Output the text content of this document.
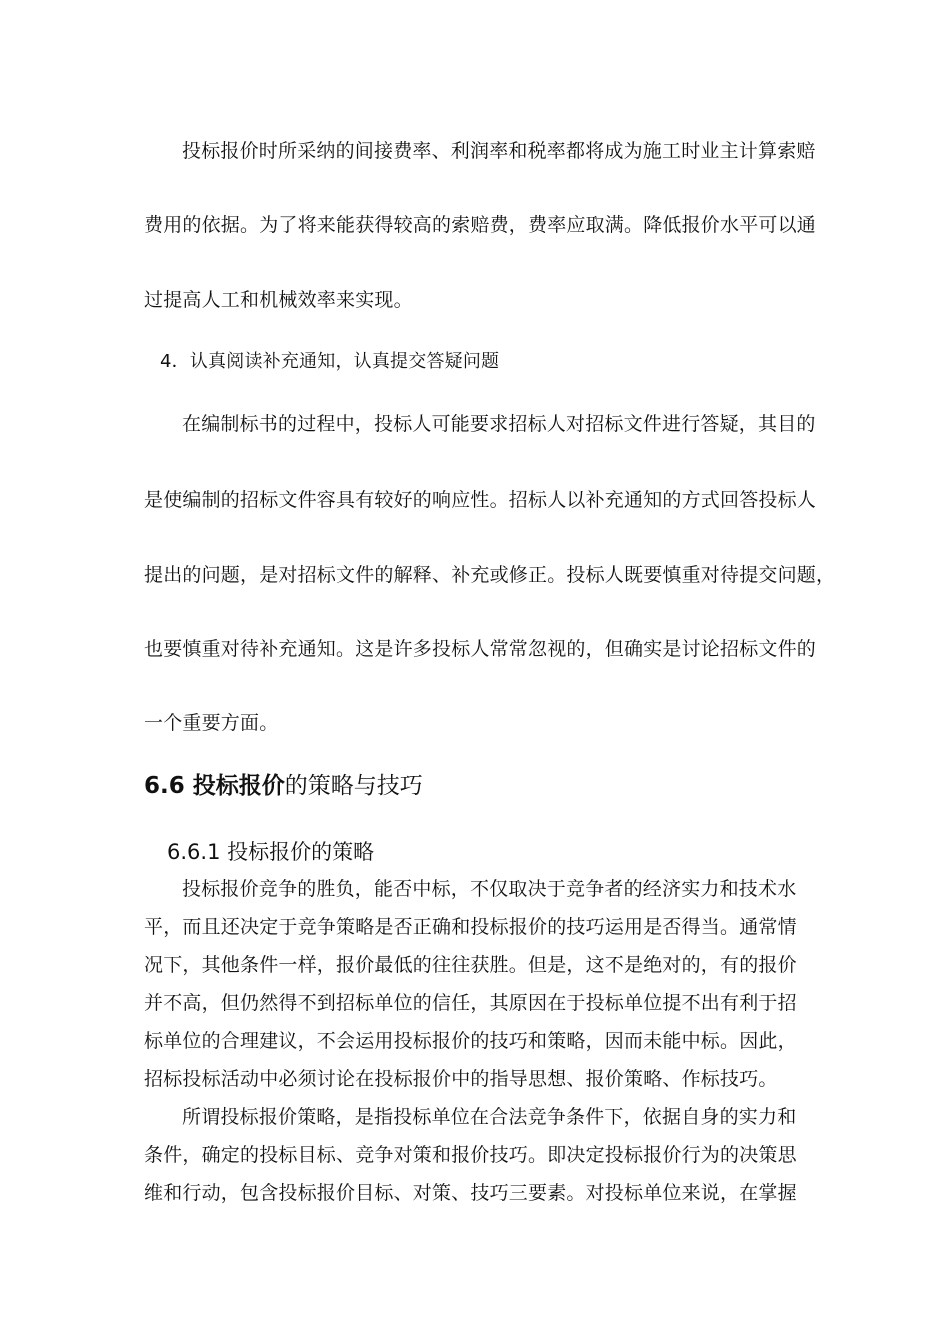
投标报价时所采纳的间接费率、利润率和税率都将成为施工时业主计算索赔
费用的依据。为了将来能获得较高的索赔费，费率应取满。降低报价水平可以通
过提高人工和机械效率来实现。
4．认真阅读补充通知，认真提交答疑问题
在编制标书的过程中，投标人可能要求招标人对招标文件进行答疑，其目的
是使编制的招标文件容具有较好的响应性。招标人以补充通知的方式回答投标人
提出的问题，是对招标文件的解释、补充或修正。投标人既要慎重对待提交问题，
也要慎重对待补充通知。这是许多投标人常常忽视的，但确实是讨论招标文件的
一个重要方面。
6.6 投标报价的策略与技巧
6.6.1 投标报价的策略
投标报价竞争的胜负，能否中标，不仅取决于竞争者的经济实力和技术水
平，而且还决定于竞争策略是否正确和投标报价的技巧运用是否得当。通常情
况下，其他条件一样，报价最低的往往获胜。但是，这不是绝对的，有的报价
并不高，但仍然得不到招标单位的信任，其原因在于投标单位提不出有利于招
标单位的合理建议，不会运用投标报价的技巧和策略，因而未能中标。因此，
招标投标活动中必须讨论在投标报价中的指导思想、报价策略、作标技巧。
所谓投标报价策略，是指投标单位在合法竞争条件下，依据自身的实力和
条件，确定的投标目标、竞争对策和报价技巧。即决定投标报价行为的决策思
维和行动，包含投标报价目标、对策、技巧三要素。对投标单位来说，在掌握
